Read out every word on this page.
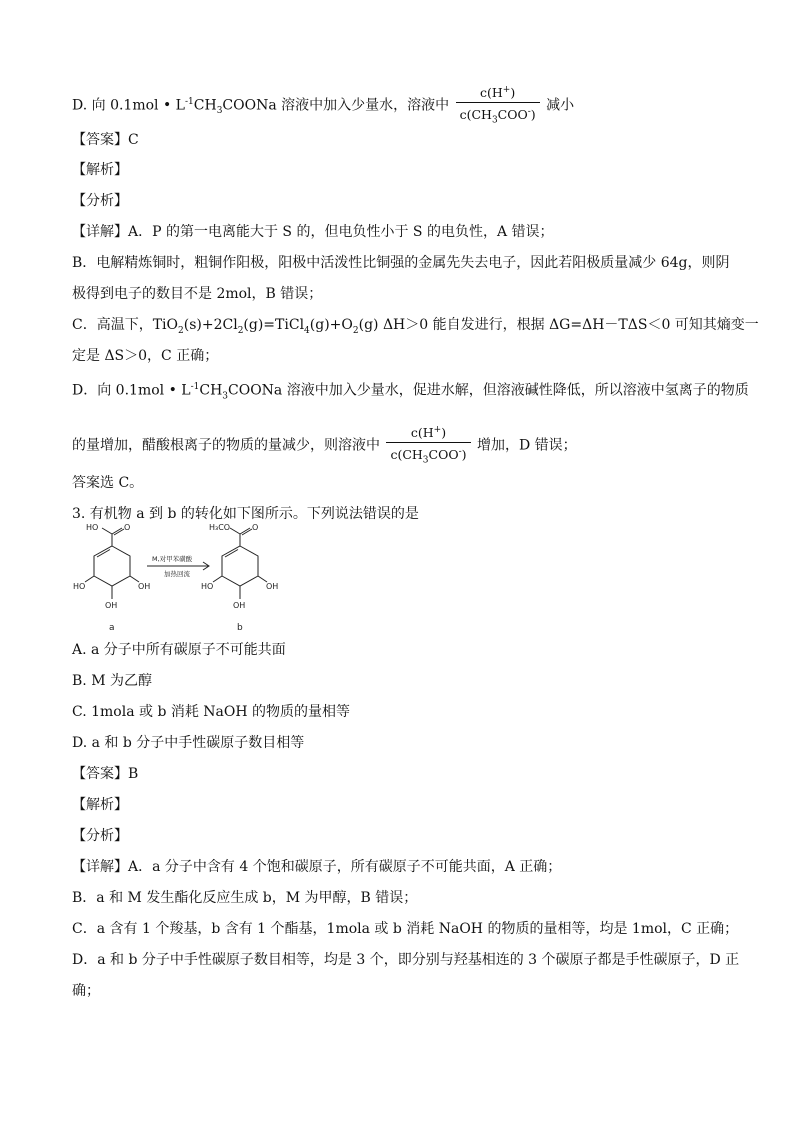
D. 向 0.1mol • $L^{-1}CH_3COONa$ 溶液中加入少量水，溶液中 $\frac{c(H^+)}{c(CH_3COO^-)}$ 减小
【答案】C
【解析】
【分析】
【详解】A．P 的第一电离能大于 S 的，但电负性小于 S 的电负性，A 错误；
B．电解精炼铜时，粗铜作阳极，阳极中活泼性比铜强的金属先失去电子，因此若阳极质量减少 64g，则阴
极得到电子的数目不是 2mol，B 错误；
C．高温下，$TiO_2(s)+2Cl_2(g)=TiCl_4(g)+O_2(g)$ ΔH＞0 能自发进行，根据 ΔG=ΔH－TΔS＜0 可知其熵变一
定是 ΔS＞0，C 正确；
D．向 0.1mol • $L^{-1}CH_3COONa$ 溶液中加入少量水，促进水解，但溶液碱性降低，所以溶液中氢离子的物质
的量增加，醋酸根离子的物质的量减少，则溶液中 $\frac{c(H^+)}{c(CH_3COO^-)}$ 增加，D 错误；
答案选 C。
3. 有机物 a 到 b 的转化如下图所示。下列说法错误的是
HO	O
HO
OH
OH
M,对甲苯磺酸
加热回流
H₃CO	O
HO
OH
OH
a	b
A. a 分子中所有碳原子不可能共面
B. M 为乙醇
C. 1mola 或 b 消耗 NaOH 的物质的量相等
D. a 和 b 分子中手性碳原子数目相等
【答案】B
【解析】
【分析】
【详解】A．a 分子中含有 4 个饱和碳原子，所有碳原子不可能共面，A 正确；
B．a 和 M 发生酯化反应生成 b，M 为甲醇，B 错误；
C．a 含有 1 个羧基，b 含有 1 个酯基，1mola 或 b 消耗 NaOH 的物质的量相等，均是 1mol，C 正确；
D．a 和 b 分子中手性碳原子数目相等，均是 3 个，即分别与羟基相连的 3 个碳原子都是手性碳原子，D 正
确；
